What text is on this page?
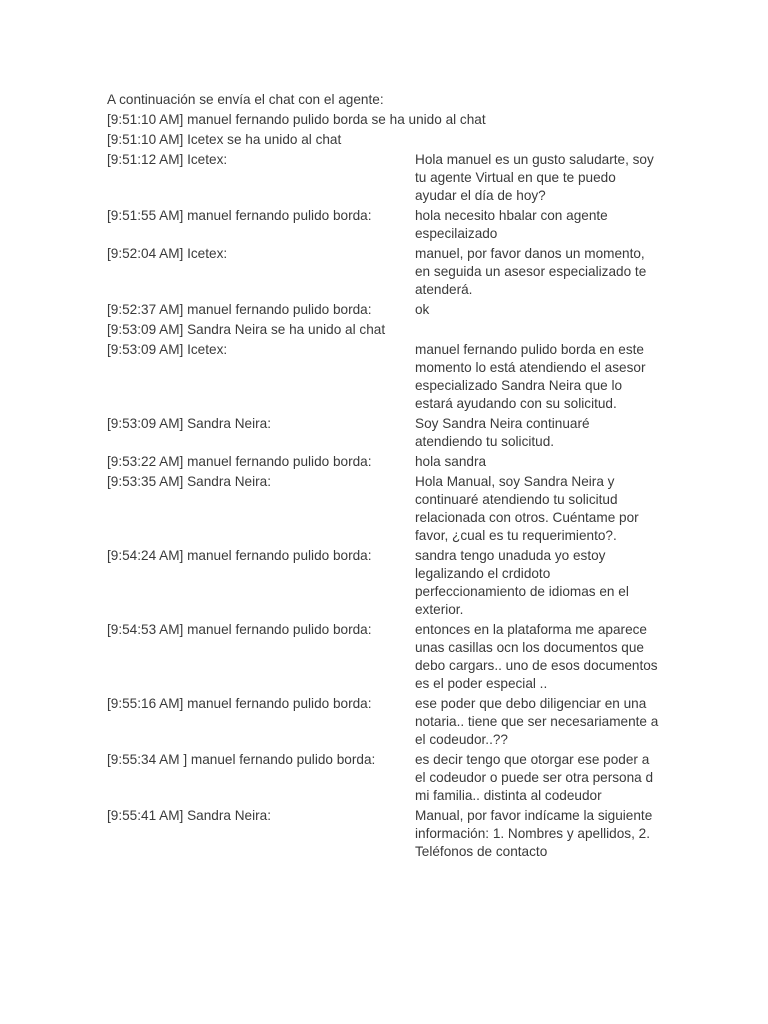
A continuación se envía el chat con el agente:
[9:51:10 AM] manuel fernando pulido borda se ha unido al chat
[9:51:10 AM] Icetex se ha unido al chat
[9:51:12 AM] Icetex:	Hola manuel es un gusto saludarte, soy tu agente Virtual en que te puedo ayudar el día de hoy?
[9:51:55 AM] manuel fernando pulido borda:	hola necesito hbalar con agente especilaizado
[9:52:04 AM] Icetex:	manuel, por favor danos un momento, en seguida un asesor especializado te atenderá.
[9:52:37 AM] manuel fernando pulido borda:	ok
[9:53:09 AM] Sandra Neira se ha unido al chat
[9:53:09 AM] Icetex:	manuel fernando pulido borda en este momento lo está atendiendo el asesor especializado Sandra Neira que lo estará ayudando con su solicitud.
[9:53:09 AM] Sandra Neira:	Soy Sandra Neira continuaré atendiendo tu solicitud.
[9:53:22 AM] manuel fernando pulido borda:	hola sandra
[9:53:35 AM] Sandra Neira:	Hola Manual, soy Sandra Neira y continuaré atendiendo tu solicitud relacionada con otros. Cuéntame por favor, ¿cual es tu requerimiento?.
[9:54:24 AM] manuel fernando pulido borda:	sandra tengo unaduda yo estoy legalizando el crdidoto perfeccionamiento de idiomas en el exterior.
[9:54:53 AM] manuel fernando pulido borda:	entonces en la plataforma me aparece unas casillas ocn los documentos que debo cargars.. uno de esos documentos es el poder especial ..
[9:55:16 AM] manuel fernando pulido borda:	ese poder que debo diligenciar en una notaria.. tiene que ser necesariamente a el codeudor..??
[9:55:34 AM ] manuel fernando pulido borda:	es decir tengo que otorgar ese poder a el codeudor o puede ser otra persona d mi familia.. distinta al codeudor
[9:55:41 AM] Sandra Neira:	Manual, por favor indícame la siguiente información: 1. Nombres y apellidos, 2. Teléfonos de contacto
